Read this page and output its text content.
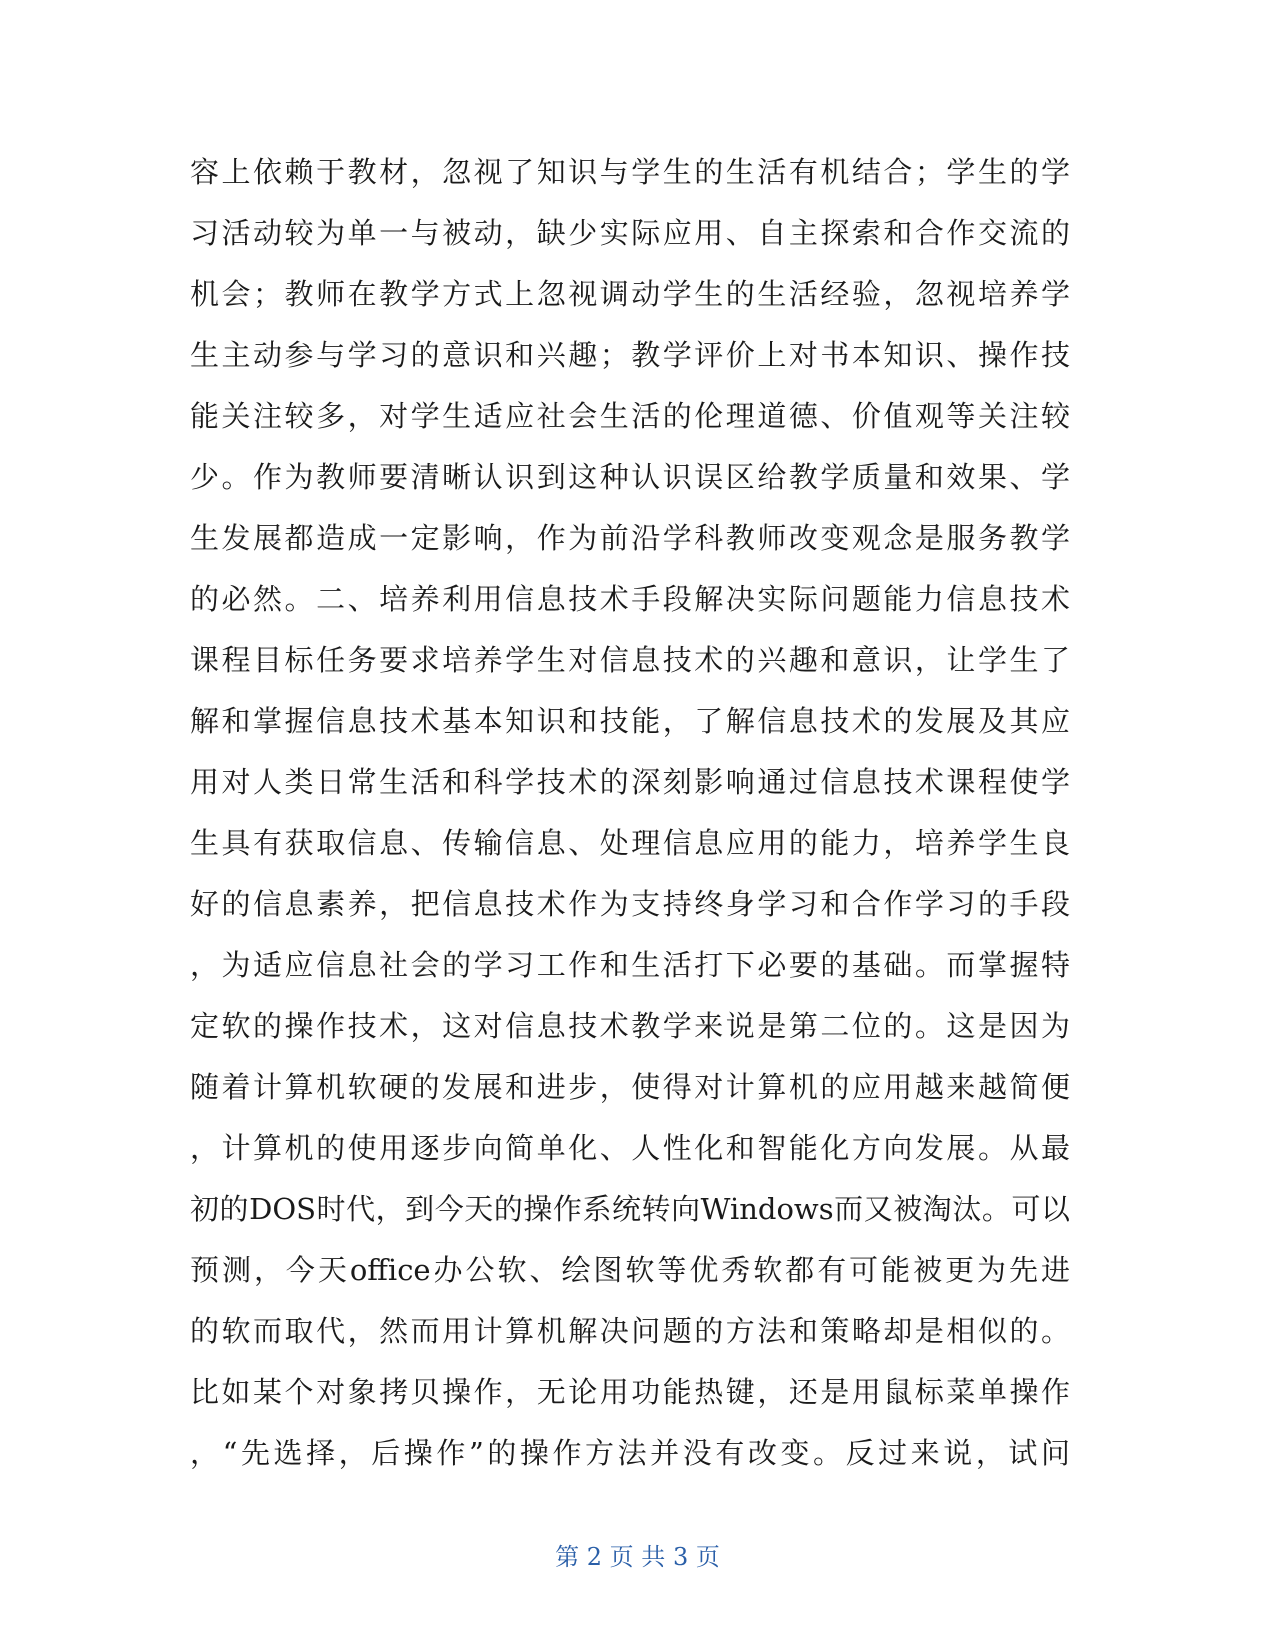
容上依赖于教材，忽视了知识与学生的生活有机结合；学生的学
习活动较为单一与被动，缺少实际应用、自主探索和合作交流的
机会；教师在教学方式上忽视调动学生的生活经验，忽视培养学
生主动参与学习的意识和兴趣；教学评价上对书本知识、操作技
能关注较多，对学生适应社会生活的伦理道德、价值观等关注较
少。作为教师要清晰认识到这种认识误区给教学质量和效果、学
生发展都造成一定影响，作为前沿学科教师改变观念是服务教学
的必然。二、培养利用信息技术手段解决实际问题能力信息技术
课程目标任务要求培养学生对信息技术的兴趣和意识，让学生了
解和掌握信息技术基本知识和技能，了解信息技术的发展及其应
用对人类日常生活和科学技术的深刻影响通过信息技术课程使学
生具有获取信息、传输信息、处理信息应用的能力，培养学生良
好的信息素养，把信息技术作为支持终身学习和合作学习的手段
，为适应信息社会的学习工作和生活打下必要的基础。而掌握特
定软的操作技术，这对信息技术教学来说是第二位的。这是因为
随着计算机软硬的发展和进步，使得对计算机的应用越来越简便
，计算机的使用逐步向简单化、人性化和智能化方向发展。从最
初的DOS时代，到今天的操作系统转向Windows而又被淘汰。可以
预测，今天office办公软、绘图软等优秀软都有可能被更为先进
的软而取代，然而用计算机解决问题的方法和策略却是相似的。
比如某个对象拷贝操作，无论用功能热键，还是用鼠标菜单操作
，“先选择，后操作”的操作方法并没有改变。反过来说，试问
第 2 页 共 3 页
